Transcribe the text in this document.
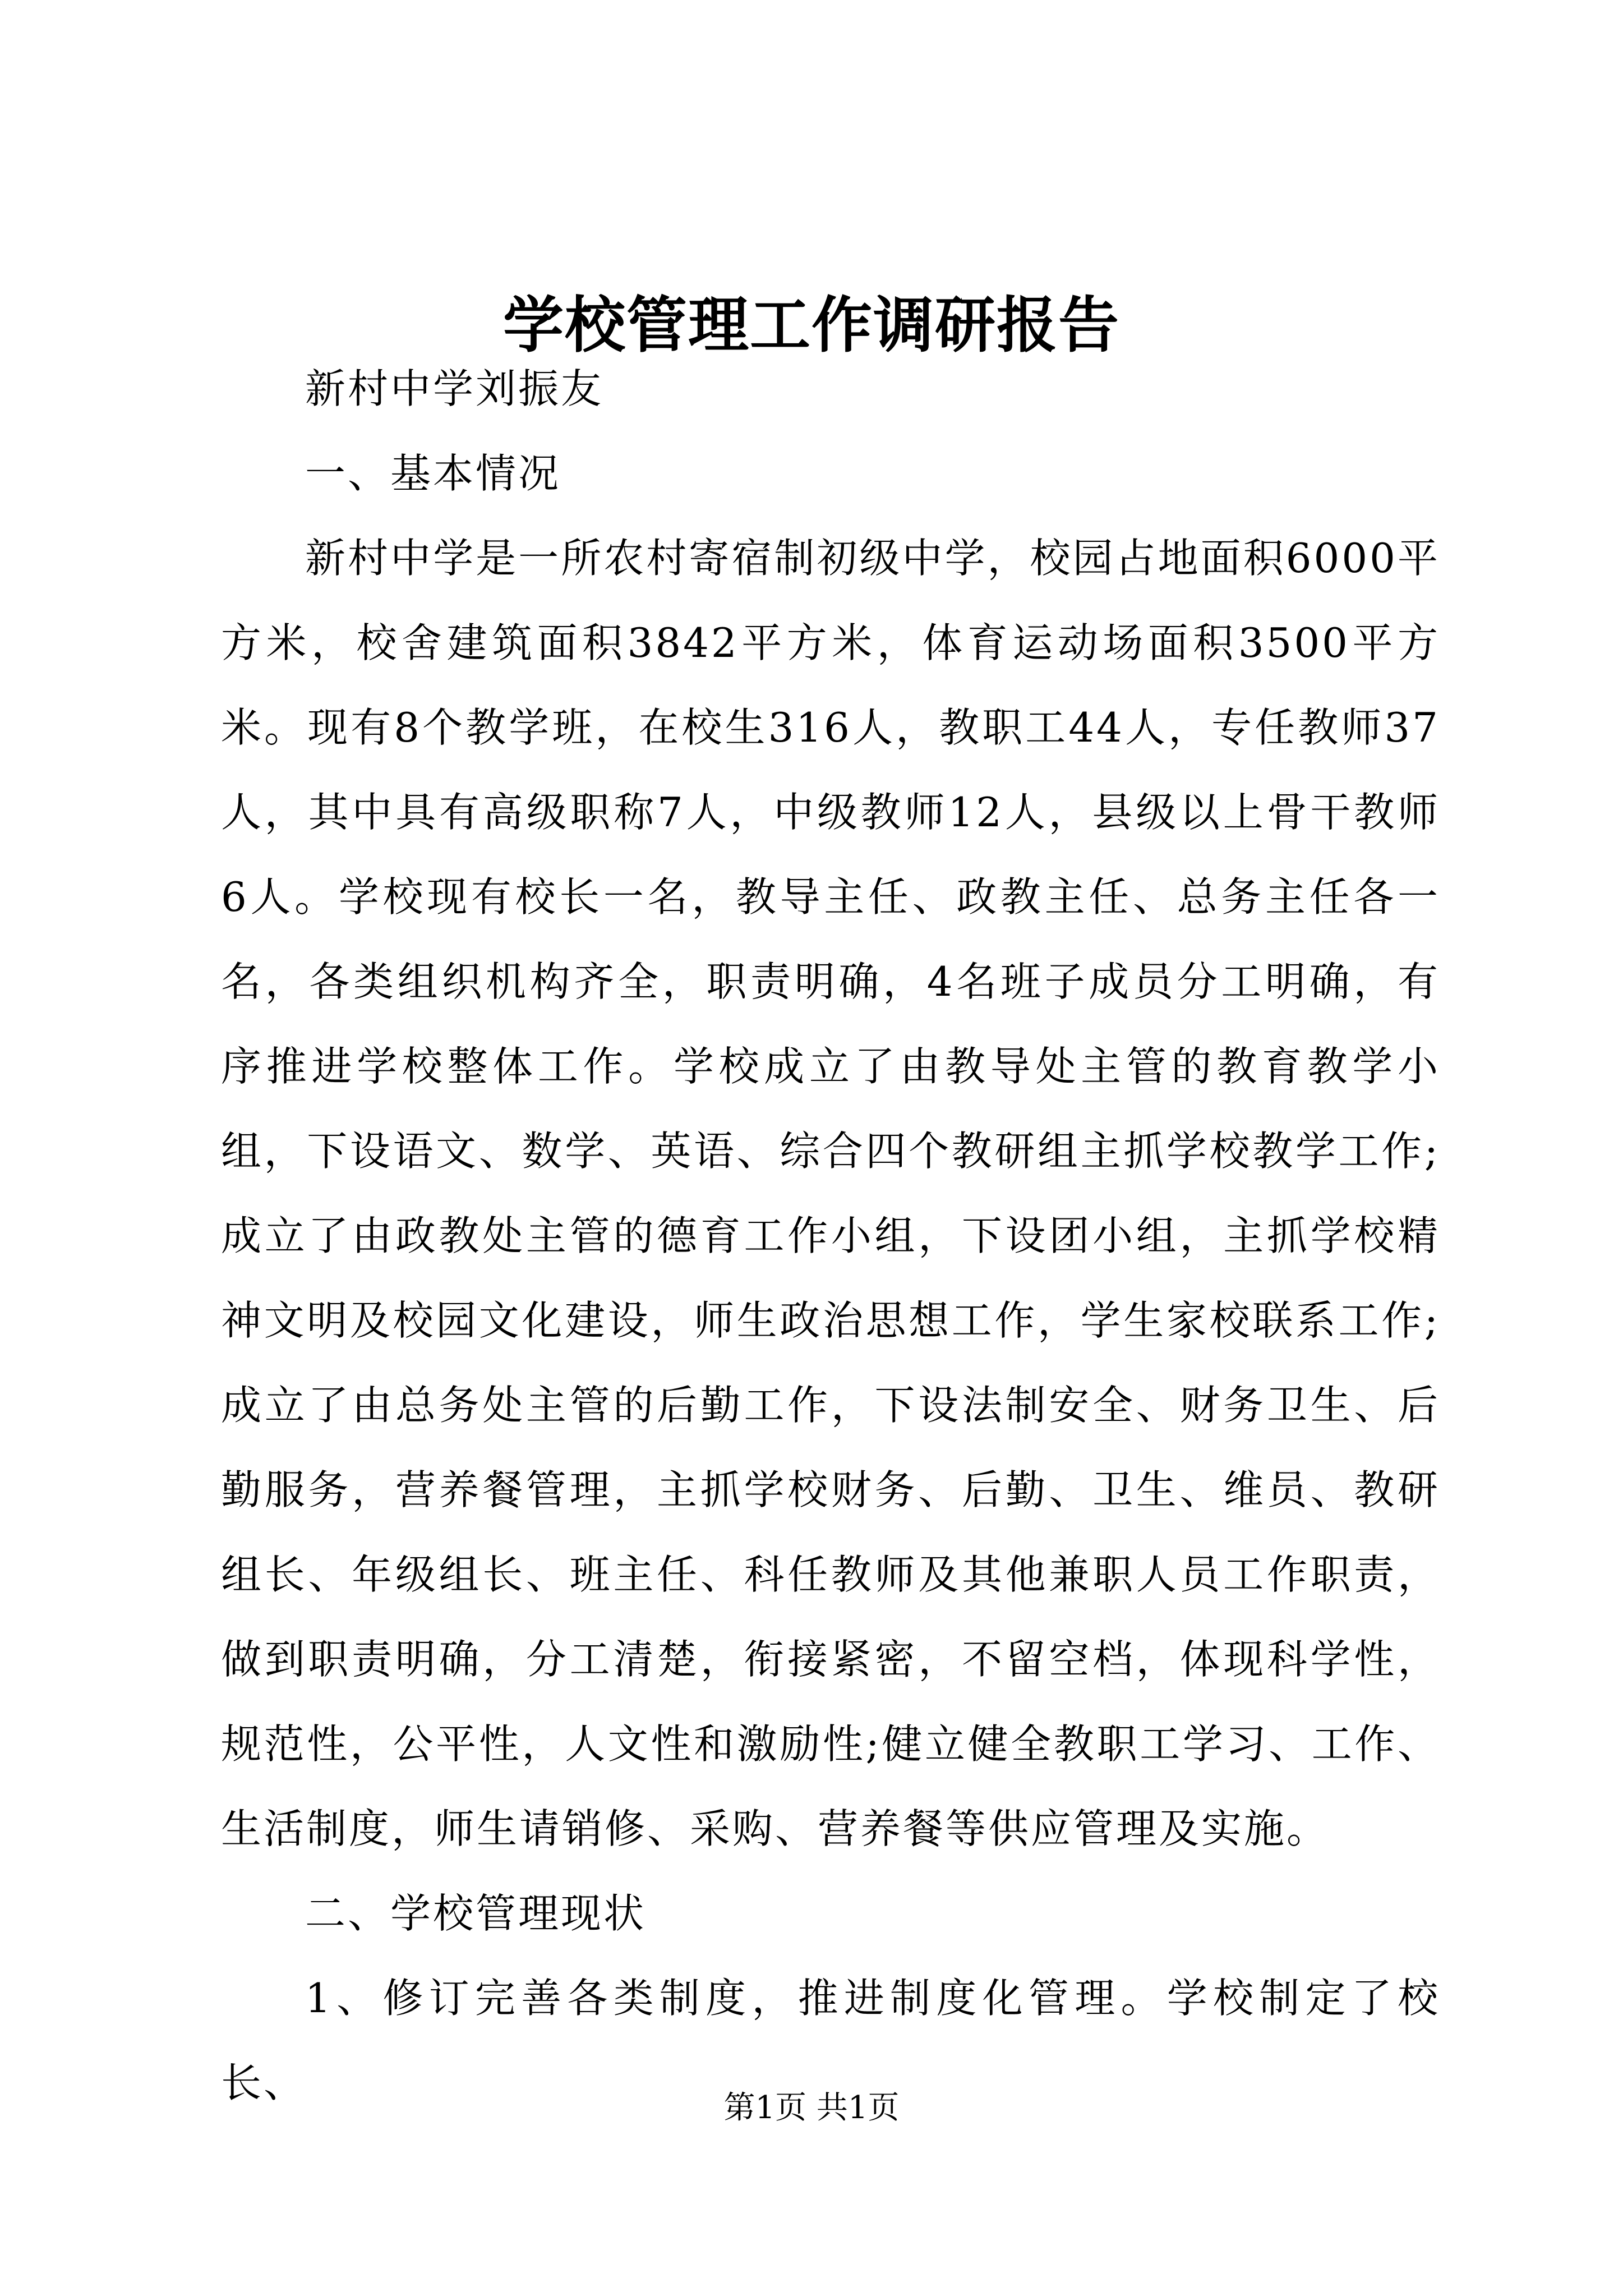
学校管理工作调研报告

新村中学刘振友

一、基本情况

新村中学是一所农村寄宿制初级中学，校园占地面积6000平方米，校舍建筑面积3842平方米，体育运动场面积3500平方米。现有8个教学班，在校生316人，教职工44人，专任教师37人，其中具有高级职称7人，中级教师12人，县级以上骨干教师6人。学校现有校长一名，教导主任、政教主任、总务主任各一名，各类组织机构齐全，职责明确，4名班子成员分工明确，有序推进学校整体工作。学校成立了由教导处主管的教育教学小组，下设语文、数学、英语、综合四个教研组主抓学校教学工作;成立了由政教处主管的德育工作小组，下设团小组，主抓学校精神文明及校园文化建设，师生政治思想工作，学生家校联系工作;成立了由总务处主管的后勤工作，下设法制安全、财务卫生、后勤服务，营养餐管理，主抓学校财务、后勤、卫生、维员、教研组长、年级组长、班主任、科任教师及其他兼职人员工作职责，做到职责明确，分工清楚，衔接紧密，不留空档，体现科学性，规范性，公平性，人文性和激励性;健立健全教职工学习、工作、生活制度，师生请销修、采购、营养餐等供应管理及实施。

二、学校管理现状

1、修订完善各类制度，推进制度化管理。学校制定了校长、

第1页 共1页
